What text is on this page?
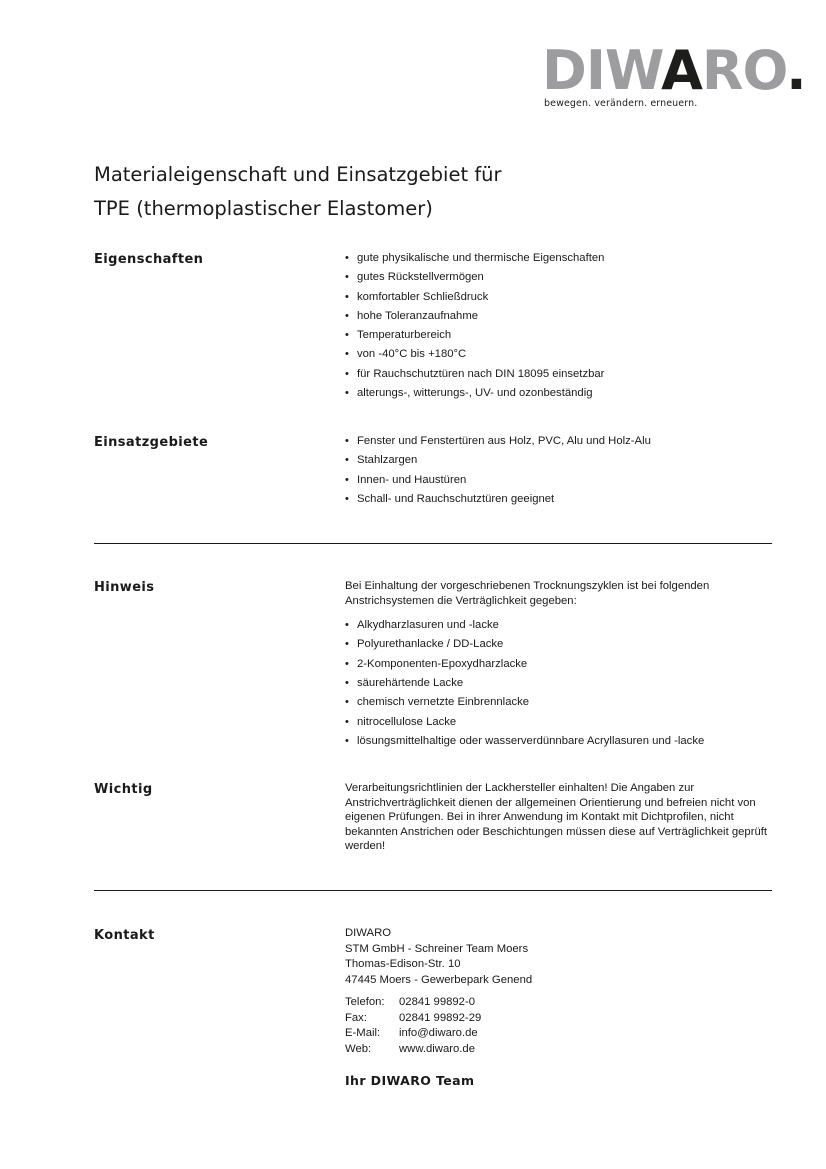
DIWARO.
bewegen. verändern. erneuern.
Materialeigenschaft und Einsatzgebiet für
TPE (thermoplastischer Elastomer)
Eigenschaften	• gute physikalische und thermische Eigenschaften
• gutes Rückstellvermögen
• komfortabler Schließdruck
• hohe Toleranzaufnahme
• Temperaturbereich
• von -40°C bis +180°C
• für Rauchschutztüren nach DIN 18095 einsetzbar
• alterungs-, witterungs-, UV- und ozonbeständig
Einsatzgebiete	• Fenster und Fenstertüren aus Holz, PVC, Alu und Holz-Alu
• Stahlzargen
• Innen- und Haustüren
• Schall- und Rauchschutztüren geeignet
Hinweis	Bei Einhaltung der vorgeschriebenen Trocknungszyklen ist bei folgenden Anstrichsystemen die Verträglichkeit gegeben:
• Alkydharzlasuren und -lacke
• Polyurethanlacke / DD-Lacke
• 2-Komponenten-Epoxydharzlacke
• säurehärtende Lacke
• chemisch vernetzte Einbrennlacke
• nitrocellulose Lacke
• lösungsmittelhaltige oder wasserverdünnbare Acryllasuren und -lacke
Wichtig	Verarbeitungsrichtlinien der Lackhersteller einhalten! Die Angaben zur Anstrichverträglichkeit dienen der allgemeinen Orientierung und befreien nicht von eigenen Prüfungen. Bei in ihrer Anwendung im Kontakt mit Dichtprofilen, nicht bekannten Anstrichen oder Beschichtungen müssen diese auf Verträglichkeit geprüft werden!
Kontakt	DIWARO

STM GmbH - Schreiner Team Moers

Thomas-Edison-Str. 10

47445 Moers - Gewerbepark Genend

Telefon:	02841 99892-0
Fax:	02841 99892-29
E-Mail:	info@diwaro.de
Web:	www.diwaro.de
Ihr DIWARO Team
